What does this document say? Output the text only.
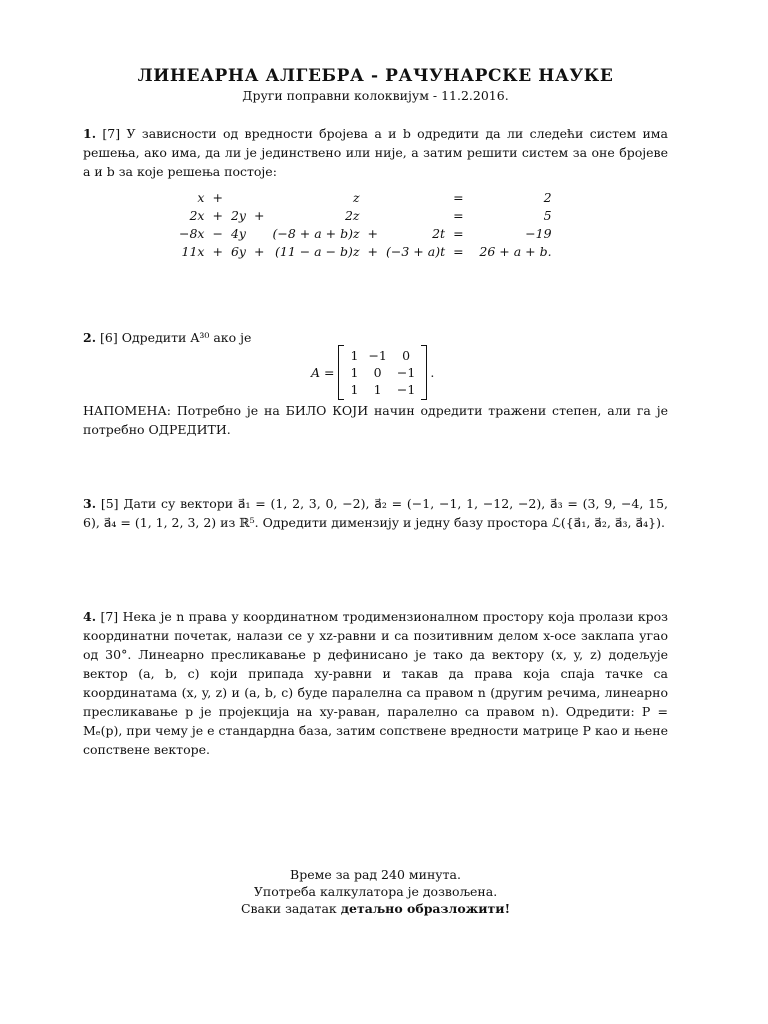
ЛИНЕАРНА АЛГЕБРА - РАЧУНАРСКЕ НАУКЕ
Други поправни колоквијум - 11.2.2016.
1. [7] У зависности од вредности бројева a и b одредити да ли следећи систем има решења, ако има, да ли је јединствено или није, а затим решити систем за оне бројеве a и b за које решења постоје:
x	+			z			=	2
2x	+	2y	+	2z			=	5
−8x	−	4y		(−8 + a + b)z	+	2t	=	−19
11x	+	6y	+	(11 − a − b)z	+	(−3 + a)t	=	26 + a + b.
2. [6] Одредити A³⁰ ако је
A =
1	−1	0
1	0	−1
1	1	−1
.
НАПОМЕНА: Потребно је на БИЛО КОЈИ начин одредити тражени степен, али га је потребно ОДРЕДИТИ.
3. [5] Дати су вектори a⃗₁ = (1, 2, 3, 0, −2), a⃗₂ = (−1, −1, 1, −12, −2), a⃗₃ = (3, 9, −4, 15, 6), a⃗₄ = (1, 1, 2, 3, 2) из ℝ⁵. Одредити димензију и једну базу простора ℒ({a⃗₁, a⃗₂, a⃗₃, a⃗₄}).
4. [7] Нека је n права у координатном тродимензионалном простору која пролази кроз координатни почетак, налази се у xz-равни и са позитивним делом x-осе заклапа угао од 30°. Линеарно пресликавање p дефинисано је тако да вектору (x, y, z) додељује вектор (a, b, c) који припада xy-равни и такав да права која спаја тачке са координатама (x, y, z) и (a, b, c) буде паралелна са правом n (другим речима, линеарно пресликавање p је пројекција на xy-раван, паралелно са правом n). Одредити: P = Mₑ(p), при чему је e стандардна база, затим сопствене вредности матрице P као и њене сопствене векторе.
Време за рад 240 минута.
Употреба калкулатора је дозвољена.
Сваки задатак детаљно образложити!
